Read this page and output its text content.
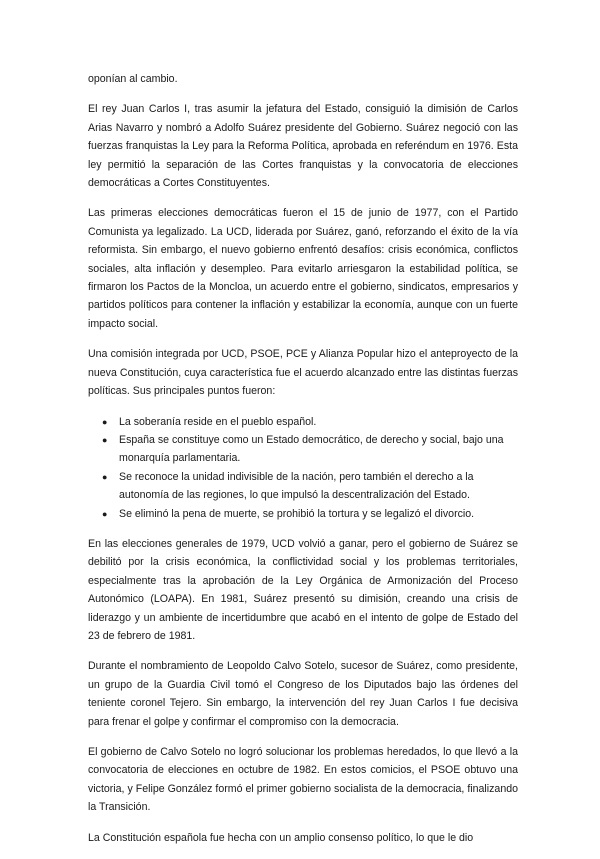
oponían al cambio.

El rey Juan Carlos I, tras asumir la jefatura del Estado, consiguió la dimisión de Carlos Arias Navarro y nombró a Adolfo Suárez presidente del Gobierno. Suárez negoció con las fuerzas franquistas la Ley para la Reforma Política, aprobada en referéndum en 1976. Esta ley permitió la separación de las Cortes franquistas y la convocatoria de elecciones democráticas a Cortes Constituyentes.

Las primeras elecciones democráticas fueron el 15 de junio de 1977, con el Partido Comunista ya legalizado. La UCD, liderada por Suárez, ganó, reforzando el éxito de la vía reformista. Sin embargo, el nuevo gobierno enfrentó desafíos: crisis económica, conflictos sociales, alta inflación y desempleo. Para evitarlo arriesgaron la estabilidad política, se firmaron los Pactos de la Moncloa, un acuerdo entre el gobierno, sindicatos, empresarios y partidos políticos para contener la inflación y estabilizar la economía, aunque con un fuerte impacto social.

Una comisión integrada por UCD, PSOE, PCE y Alianza Popular hizo el anteproyecto de la nueva Constitución, cuya característica fue el acuerdo alcanzado entre las distintas fuerzas políticas. Sus principales puntos fueron:

● La soberanía reside en el pueblo español.
● España se constituye como un Estado democrático, de derecho y social, bajo una monarquía parlamentaria.
● Se reconoce la unidad indivisible de la nación, pero también el derecho a la autonomía de las regiones, lo que impulsó la descentralización del Estado.
● Se eliminó la pena de muerte, se prohibió la tortura y se legalizó el divorcio.

En las elecciones generales de 1979, UCD volvió a ganar, pero el gobierno de Suárez se debilitó por la crisis económica, la conflictividad social y los problemas territoriales, especialmente tras la aprobación de la Ley Orgánica de Armonización del Proceso Autonómico (LOAPA). En 1981, Suárez presentó su dimisión, creando una crisis de liderazgo y un ambiente de incertidumbre que acabó en el intento de golpe de Estado del 23 de febrero de 1981.

Durante el nombramiento de Leopoldo Calvo Sotelo, sucesor de Suárez, como presidente, un grupo de la Guardia Civil tomó el Congreso de los Diputados bajo las órdenes del teniente coronel Tejero. Sin embargo, la intervención del rey Juan Carlos I fue decisiva para frenar el golpe y confirmar el compromiso con la democracia.

El gobierno de Calvo Sotelo no logró solucionar los problemas heredados, lo que llevó a la convocatoria de elecciones en octubre de 1982. En estos comicios, el PSOE obtuvo una victoria, y Felipe González formó el primer gobierno socialista de la democracia, finalizando la Transición.

La Constitución española fue hecha con un amplio consenso político, lo que le dio
